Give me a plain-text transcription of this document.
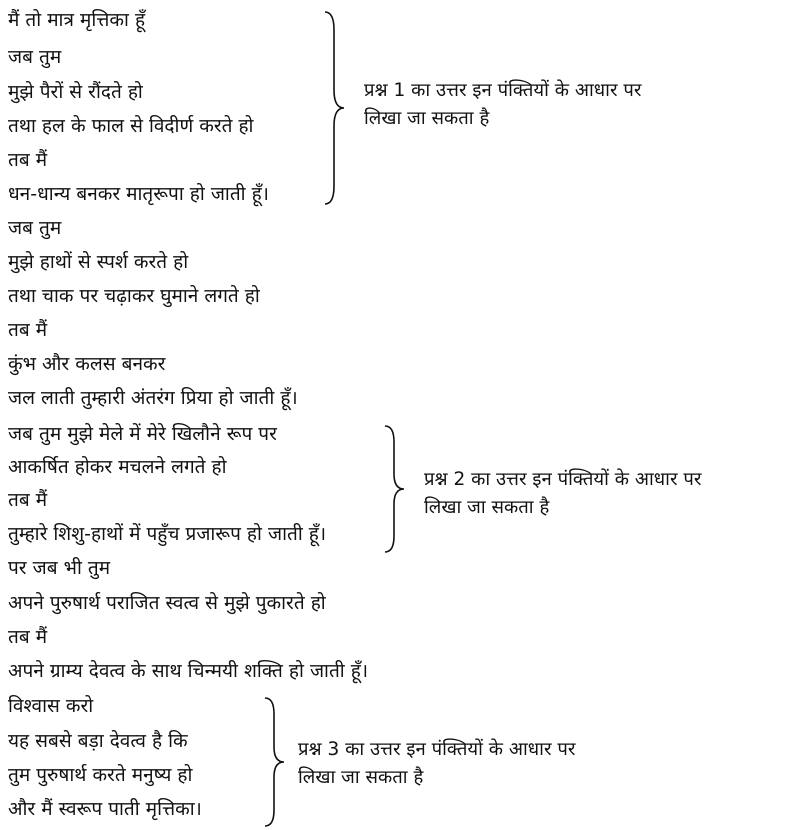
मैं तो मात्र मृत्तिका हूँ
जब तुम
मुझे पैरों से रौंदते हो
तथा हल के फाल से विदीर्ण करते हो
तब मैं
धन-धान्य बनकर मातृरूपा हो जाती हूँ।
जब तुम
मुझे हाथों से स्पर्श करते हो
तथा चाक पर चढ़ाकर घुमाने लगते हो
तब मैं
कुंभ और कलस बनकर
जल लाती तुम्हारी अंतरंग प्रिया हो जाती हूँ।
जब तुम मुझे मेले में मेरे खिलौने रूप पर
आकर्षित होकर मचलने लगते हो
तब मैं
तुम्हारे शिशु-हाथों में पहुँच प्रजारूप हो जाती हूँ।
पर जब भी तुम
अपने पुरुषार्थ पराजित स्वत्व से मुझे पुकारते हो
तब मैं
अपने ग्राम्य देवत्व के साथ चिन्मयी शक्ति हो जाती हूँ।
विश्वास करो
यह सबसे बड़ा देवत्व है कि
तुम पुरुषार्थ करते मनुष्य हो
और मैं स्वरूप पाती मृत्तिका।
प्रश्न 1 का उत्तर इन पंक्तियों के आधार पर
लिखा जा सकता है
प्रश्न 2 का उत्तर इन पंक्तियों के आधार पर
लिखा जा सकता है
प्रश्न 3 का उत्तर इन पंक्तियों के आधार पर
लिखा जा सकता है
